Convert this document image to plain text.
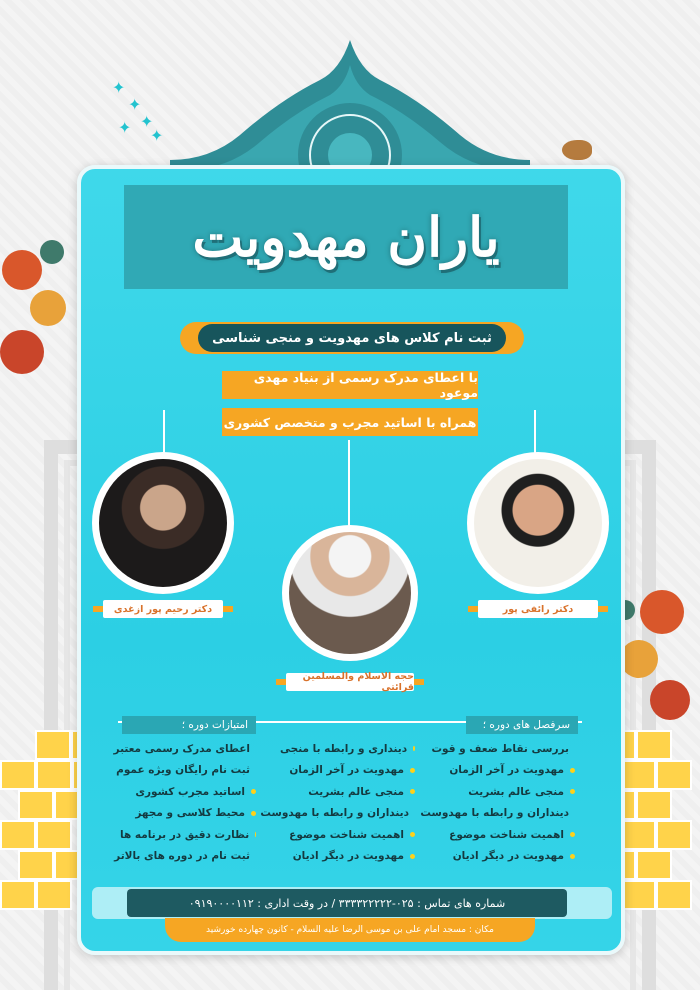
✦
✦
✦
✦ ✦
یاران مهدویت
ثبت نام کلاس های مهدویت و منجی شناسی
با اعطای مدرک رسمی از بنیاد مهدی موعود
همراه با اساتید مجرب و متخصص کشوری
دکتر رحیم پور ازغدی
حجه الاسلام والمسلمین قرائتی
دکتر رائفی پور
امتیازات دوره ؛	سرفصل های دوره ؛
بررسی نقاط ضعف و قوت
مهدویت در آخر الزمان
منجی عالم بشریت
دینداران و رابطه با مهدوست
اهمیت شناخت موضوع
مهدویت در دیگر ادیان
دینداری و رابطه با منجی
مهدویت در آخر الزمان
منجی عالم بشریت
دینداران و رابطه با مهدوست
اهمیت شناخت موضوع
مهدویت در دیگر ادیان
اعطای مدرک رسمی معتبر
ثبت نام رایگان ویژه عموم
اساتید مجرب کشوری
محیط کلاسی و مجهز
نظارت دقیق در برنامه ها
ثبت نام در دوره های بالاتر
شماره های تماس : ۰۲۵-۳۳۳۳۲۲۲۲۲ / در وقت اداری : ۰۹۱۹۰۰۰۰۱۱۲
مکان : مسجد امام علی بن موسی الرضا علیه السلام - کانون چهارده خورشید
